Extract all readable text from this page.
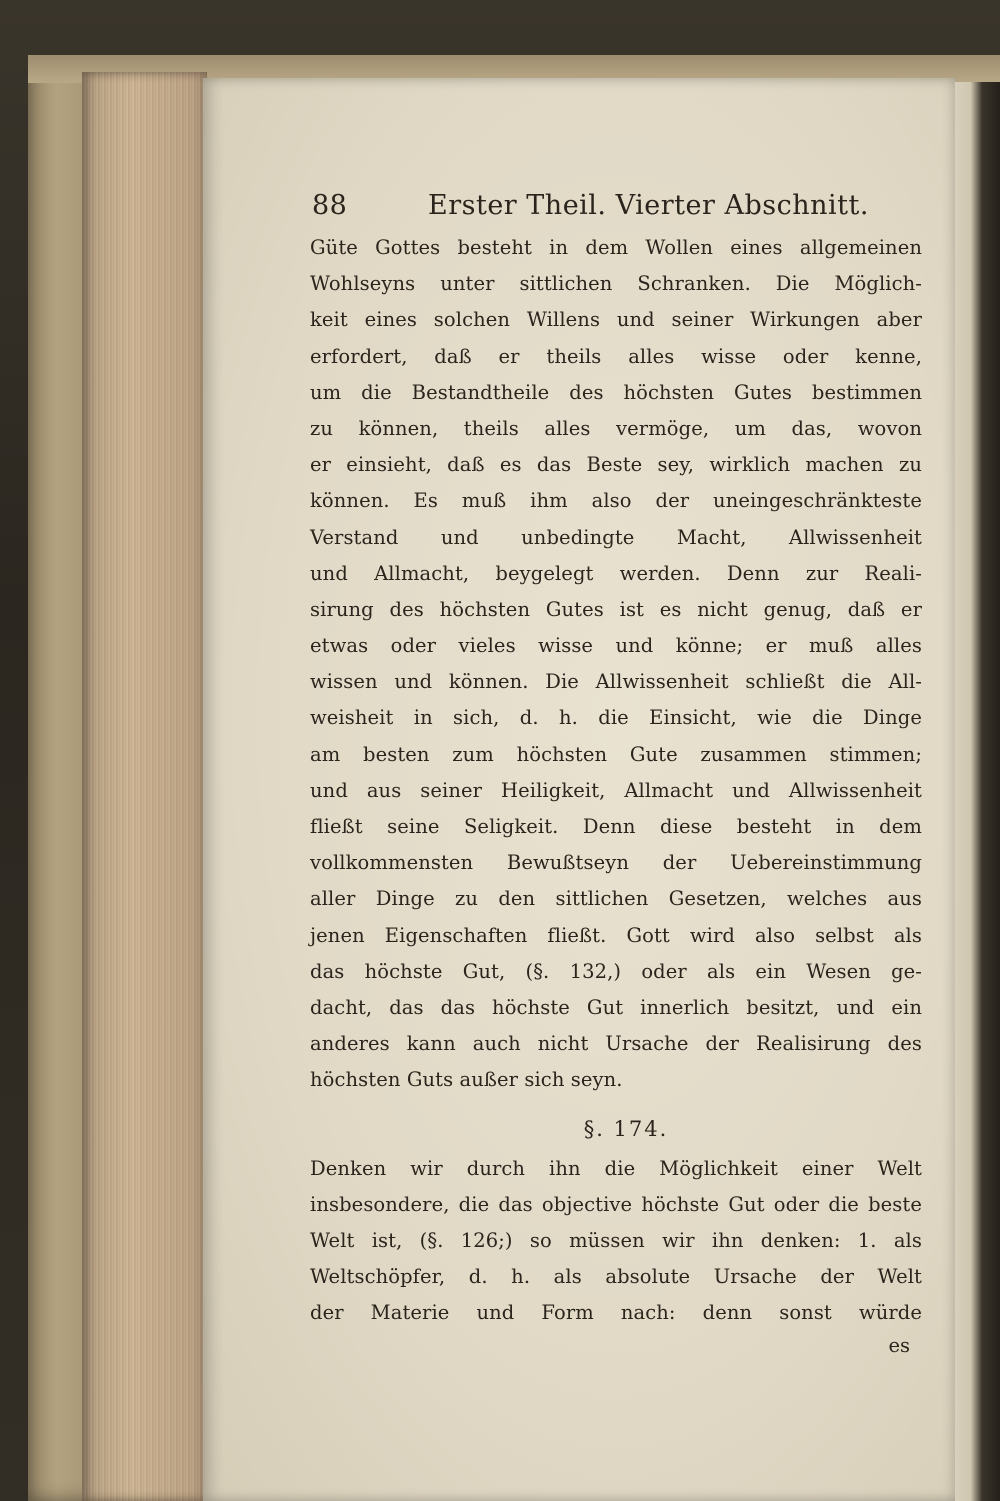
88	Erster Theil. Vierter Abschnitt.
Güte Gottes besteht in dem Wollen eines allgemeinen
Wohlseyns unter sittlichen Schranken. Die Möglich-
keit eines solchen Willens und seiner Wirkungen aber
erfordert, daß er theils alles wisse oder kenne,
um die Bestandtheile des höchsten Gutes bestimmen
zu können, theils alles vermöge, um das, wovon
er einsieht, daß es das Beste sey, wirklich machen zu
können. Es muß ihm also der uneingeschränkteste
Verstand und unbedingte Macht, Allwissenheit
und Allmacht, beygelegt werden. Denn zur Reali-
sirung des höchsten Gutes ist es nicht genug, daß er
etwas oder vieles wisse und könne; er muß alles
wissen und können. Die Allwissenheit schließt die All-
weisheit in sich, d. h. die Einsicht, wie die Dinge
am besten zum höchsten Gute zusammen stimmen;
und aus seiner Heiligkeit, Allmacht und Allwissenheit
fließt seine Seligkeit. Denn diese besteht in dem
vollkommensten Bewußtseyn der Uebereinstimmung
aller Dinge zu den sittlichen Gesetzen, welches aus
jenen Eigenschaften fließt. Gott wird also selbst als
das höchste Gut, (§. 132,) oder als ein Wesen ge-
dacht, das das höchste Gut innerlich besitzt, und ein
anderes kann auch nicht Ursache der Realisirung des
höchsten Guts außer sich seyn.
§. 174.
Denken wir durch ihn die Möglichkeit einer Welt
insbesondere, die das objective höchste Gut oder die beste
Welt ist, (§. 126;) so müssen wir ihn denken: 1. als
Weltschöpfer, d. h. als absolute Ursache der Welt
der Materie und Form nach: denn sonst würde
es
